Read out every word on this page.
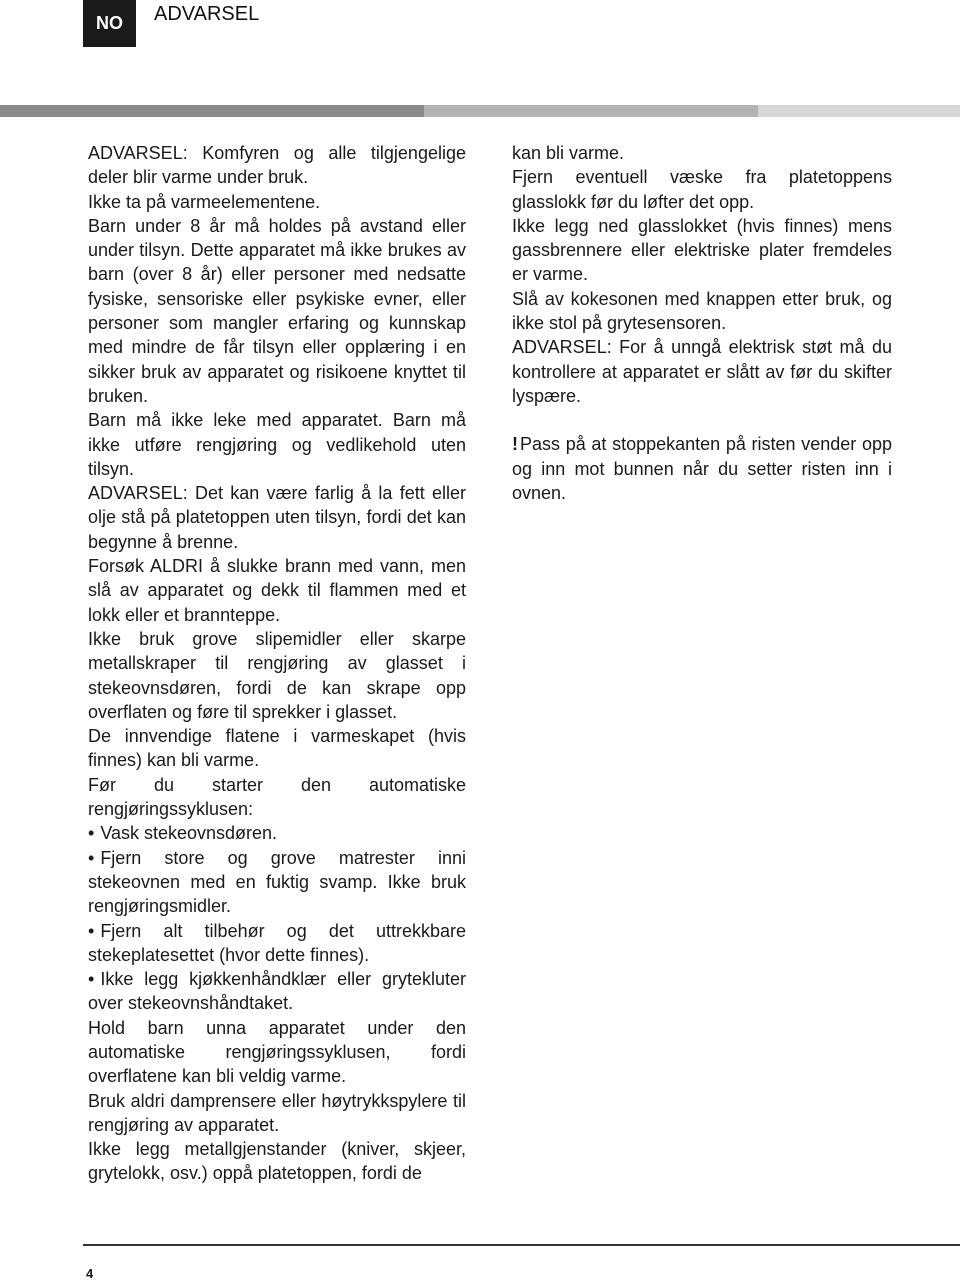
NO	ADVARSEL

ADVARSEL: Komfyren og alle tilgjengelige deler blir varme under bruk.

Ikke ta på varmeelementene.

Barn under 8 år må holdes på avstand eller under tilsyn. Dette apparatet må ikke brukes av barn (over 8 år) eller personer med nedsatte fysiske, sensoriske eller psykiske evner, eller personer som mangler erfaring og kunnskap med mindre de får tilsyn eller opplæring i en sikker bruk av apparatet og risikoene knyttet til bruken.

Barn må ikke leke med apparatet. Barn må ikke utføre rengjøring og vedlikehold uten tilsyn.

ADVARSEL: Det kan være farlig å la fett eller olje stå på platetoppen uten tilsyn, fordi det kan begynne å brenne.

Forsøk ALDRI å slukke brann med vann, men slå av apparatet og dekk til flammen med et lokk eller et brannteppe.

Ikke bruk grove slipemidler eller skarpe metallskraper til rengjøring av glasset i stekeovnsdøren, fordi de kan skrape opp overflaten og føre til sprekker i glasset.

De innvendige flatene i varmeskapet (hvis finnes) kan bli varme.

Før du starter den automatiske rengjøringssyklusen:

• Vask stekeovnsdøren.

• Fjern store og grove matrester inni stekeovnen med en fuktig svamp. Ikke bruk rengjøringsmidler.

• Fjern alt tilbehør og det uttrekkbare stekeplatesettet (hvor dette finnes).

• Ikke legg kjøkkenhåndklær eller grytekluter over stekeovnshåndtaket.

Hold barn unna apparatet under den automatiske rengjøringssyklusen, fordi overflatene kan bli veldig varme.

Bruk aldri damprensere eller høytrykkspylere til rengjøring av apparatet.

Ikke legg metallgjenstander (kniver, skjeer, grytelokk, osv.) oppå platetoppen, fordi de

kan bli varme.

Fjern eventuell væske fra platetoppens glasslokk før du løfter det opp.

Ikke legg ned glasslokket (hvis finnes) mens gassbrennere eller elektriske plater fremdeles er varme.

Slå av kokesonen med knappen etter bruk, og ikke stol på grytesensoren.

ADVARSEL: For å unngå elektrisk støt må du kontrollere at apparatet er slått av før du skifter lyspære.

! Pass på at stoppekanten på risten vender opp og inn mot bunnen når du setter risten inn i ovnen.

4
